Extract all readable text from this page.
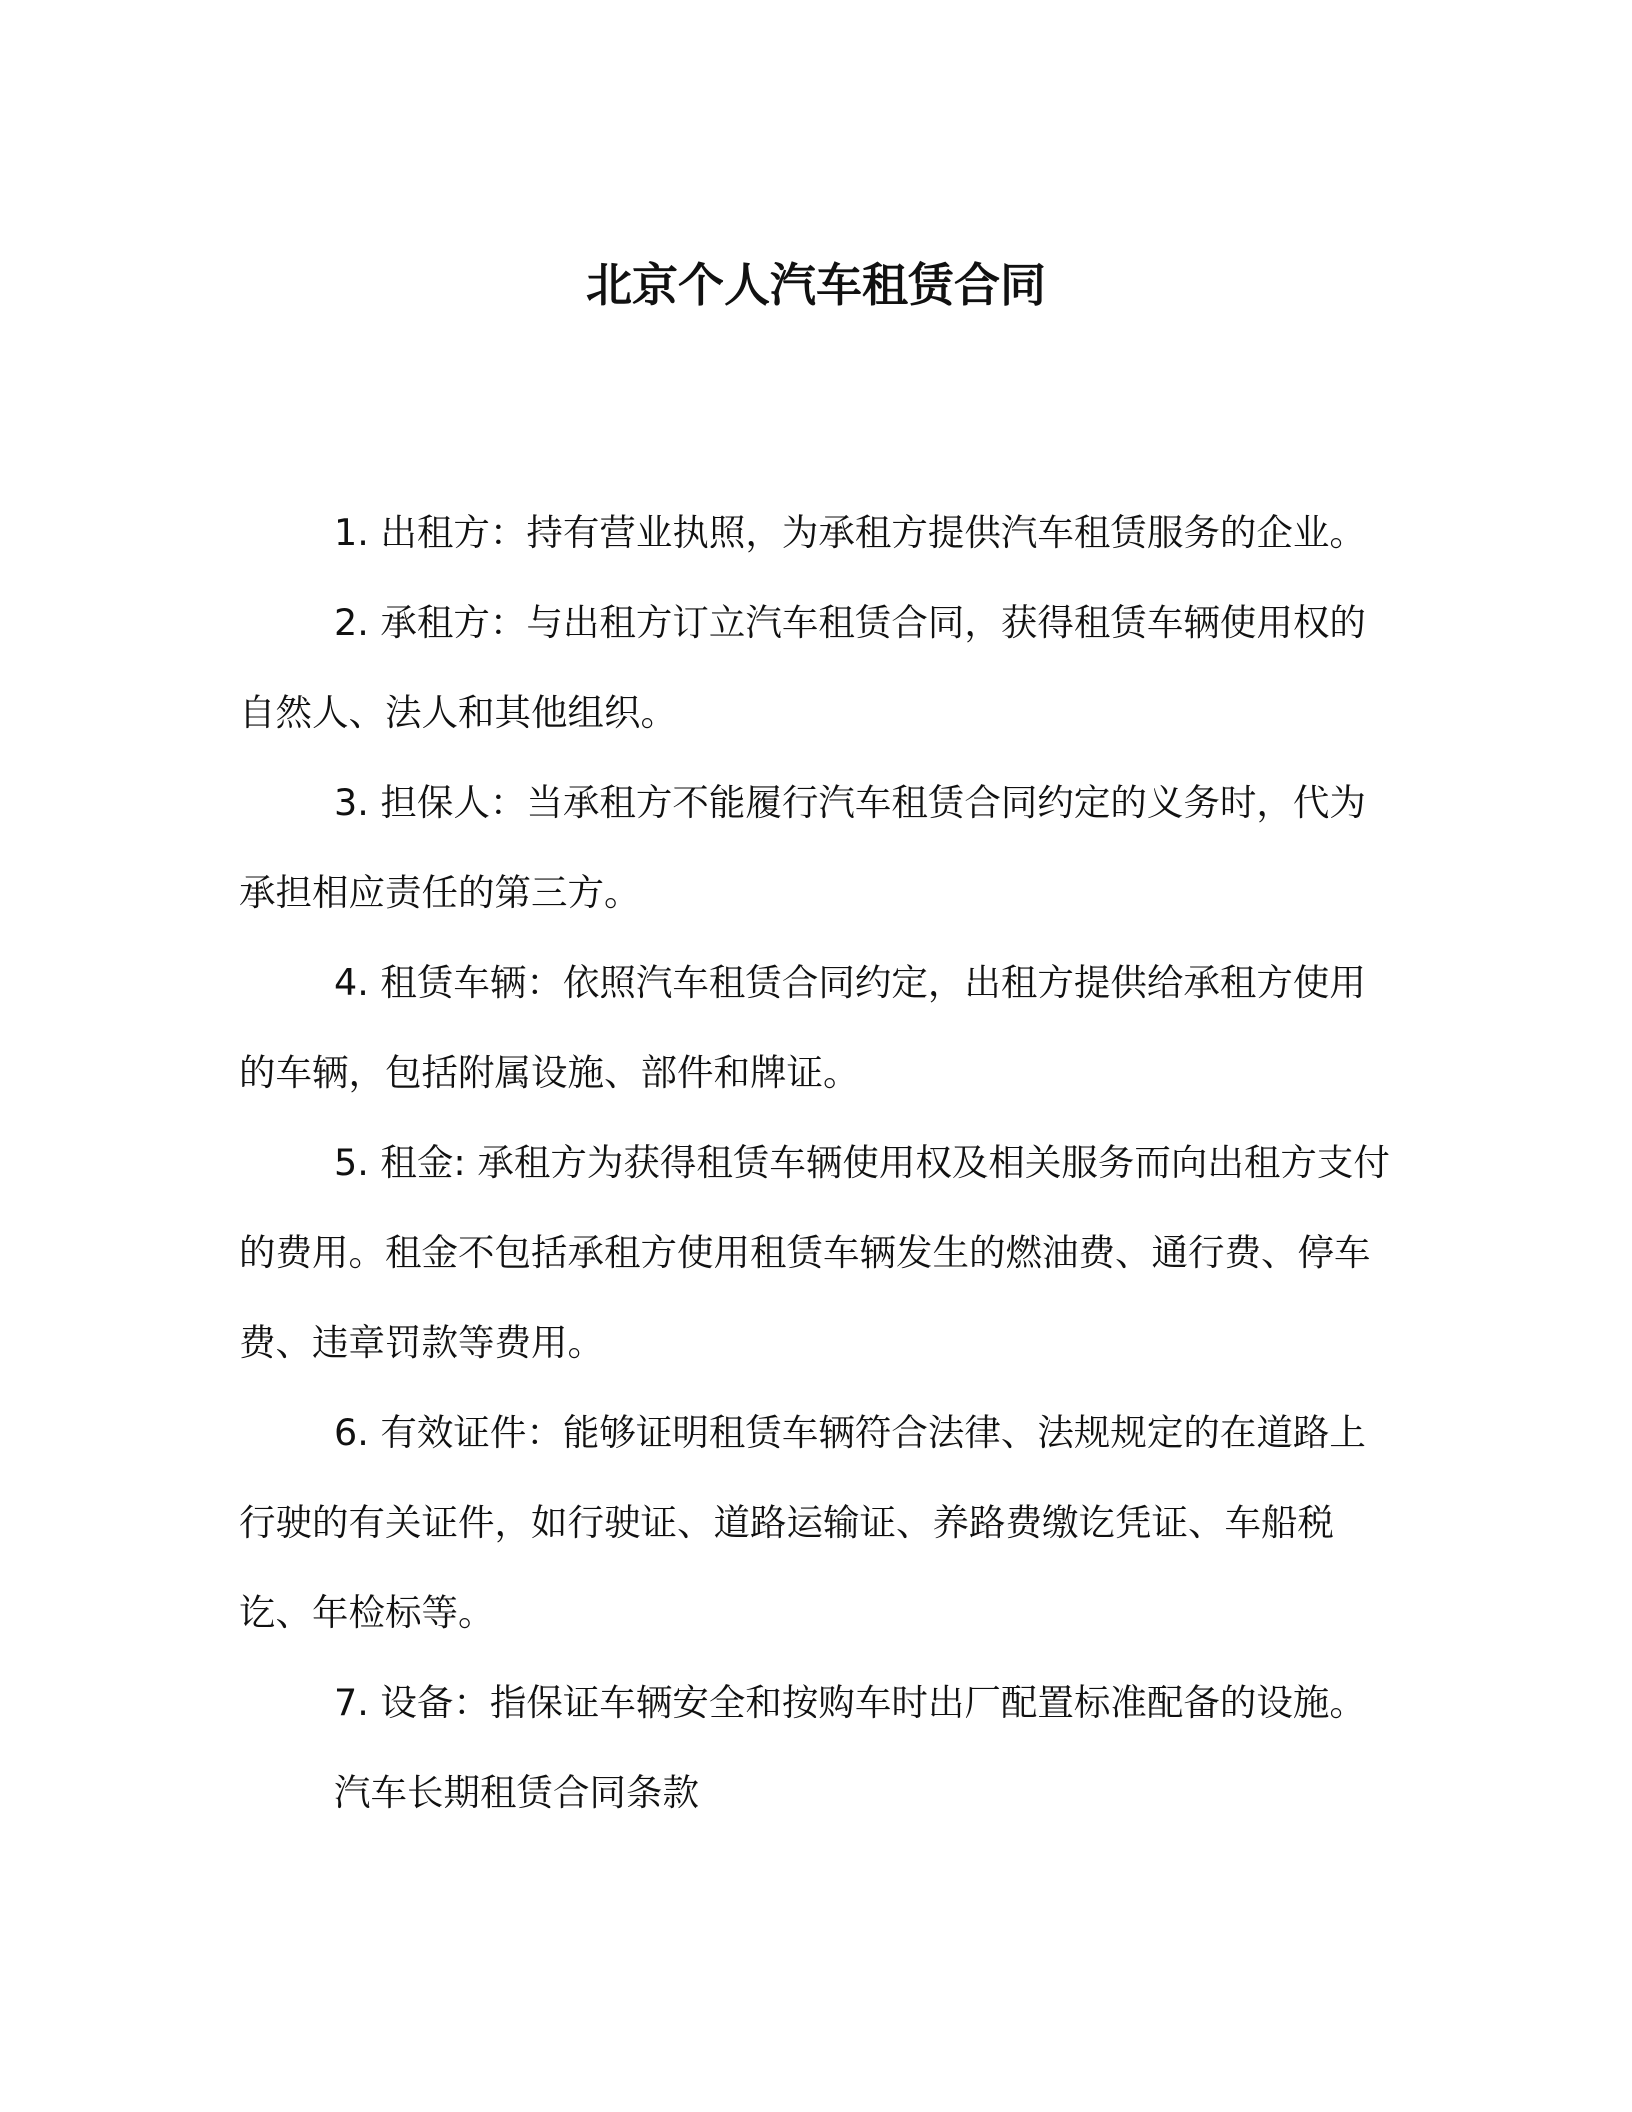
北京个人汽车租赁合同

1. 出租方：持有营业执照，为承租方提供汽车租赁服务的企业。

2. 承租方：与出租方订立汽车租赁合同，获得租赁车辆使用权的自然人、法人和其他组织。

3. 担保人：当承租方不能履行汽车租赁合同约定的义务时，代为承担相应责任的第三方。

4. 租赁车辆：依照汽车租赁合同约定，出租方提供给承租方使用的车辆，包括附属设施、部件和牌证。

5. 租金: 承租方为获得租赁车辆使用权及相关服务而向出租方支付的费用。租金不包括承租方使用租赁车辆发生的燃油费、通行费、停车费、违章罚款等费用。

6. 有效证件：能够证明租赁车辆符合法律、法规规定的在道路上行驶的有关证件，如行驶证、道路运输证、养路费缴讫凭证、车船税讫、年检标等。

7. 设备：指保证车辆安全和按购车时出厂配置标准配备的设施。

汽车长期租赁合同条款
